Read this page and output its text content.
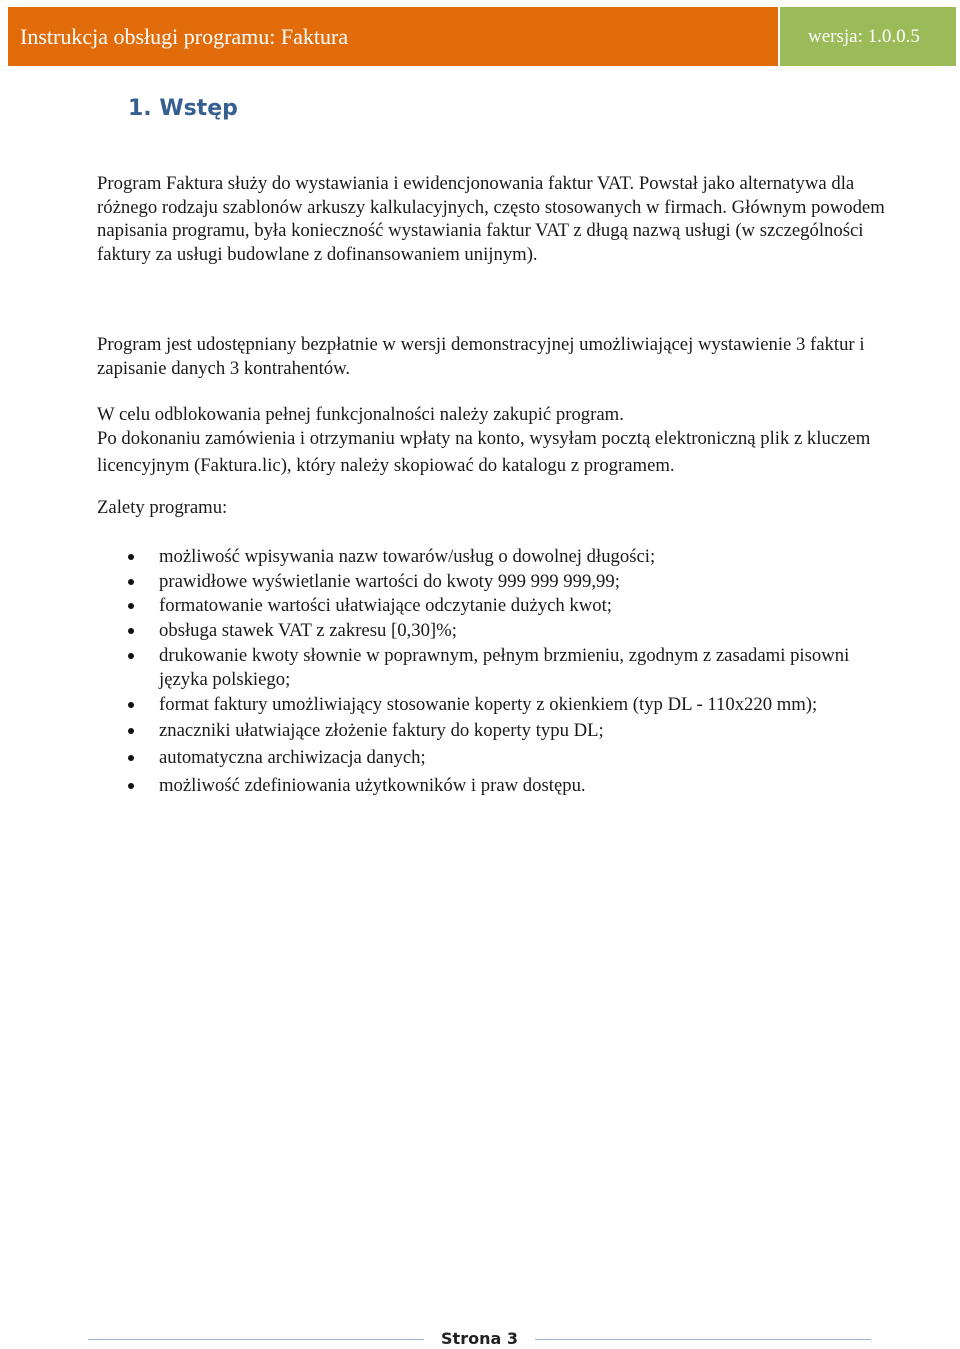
Instrukcja obsługi programu: Faktura	wersja: 1.0.0.5
1. Wstęp

Program Faktura służy do wystawiania i ewidencjonowania faktur VAT. Powstał jako alternatywa dla różnego rodzaju szablonów arkuszy kalkulacyjnych, często stosowanych w firmach. Głównym powodem napisania programu, była konieczność wystawiania faktur VAT z długą nazwą usługi (w szczególności faktury za usługi budowlane z dofinansowaniem unijnym).

Program jest udostępniany bezpłatnie w wersji demonstracyjnej umożliwiającej wystawienie 3 faktur i zapisanie danych 3 kontrahentów.

W celu odblokowania pełnej funkcjonalności należy zakupić program.

Po dokonaniu zamówienia i otrzymaniu wpłaty na konto, wysyłam pocztą elektroniczną plik z kluczem licencyjnym (Faktura.lic), który należy skopiować do katalogu z programem.

Zalety programu:

możliwość wpisywania nazw towarów/usług o dowolnej długości;
prawidłowe wyświetlanie wartości do kwoty 999 999 999,99;
formatowanie wartości ułatwiające odczytanie dużych kwot;
obsługa stawek VAT z zakresu [0,30]%;
drukowanie kwoty słownie w poprawnym, pełnym brzmieniu, zgodnym z zasadami pisowni języka polskiego;
format faktury umożliwiający stosowanie koperty z okienkiem (typ DL - 110x220 mm);
znaczniki ułatwiające złożenie faktury do koperty typu DL;
automatyczna archiwizacja danych;
możliwość zdefiniowania użytkowników i praw dostępu.
Strona 3
